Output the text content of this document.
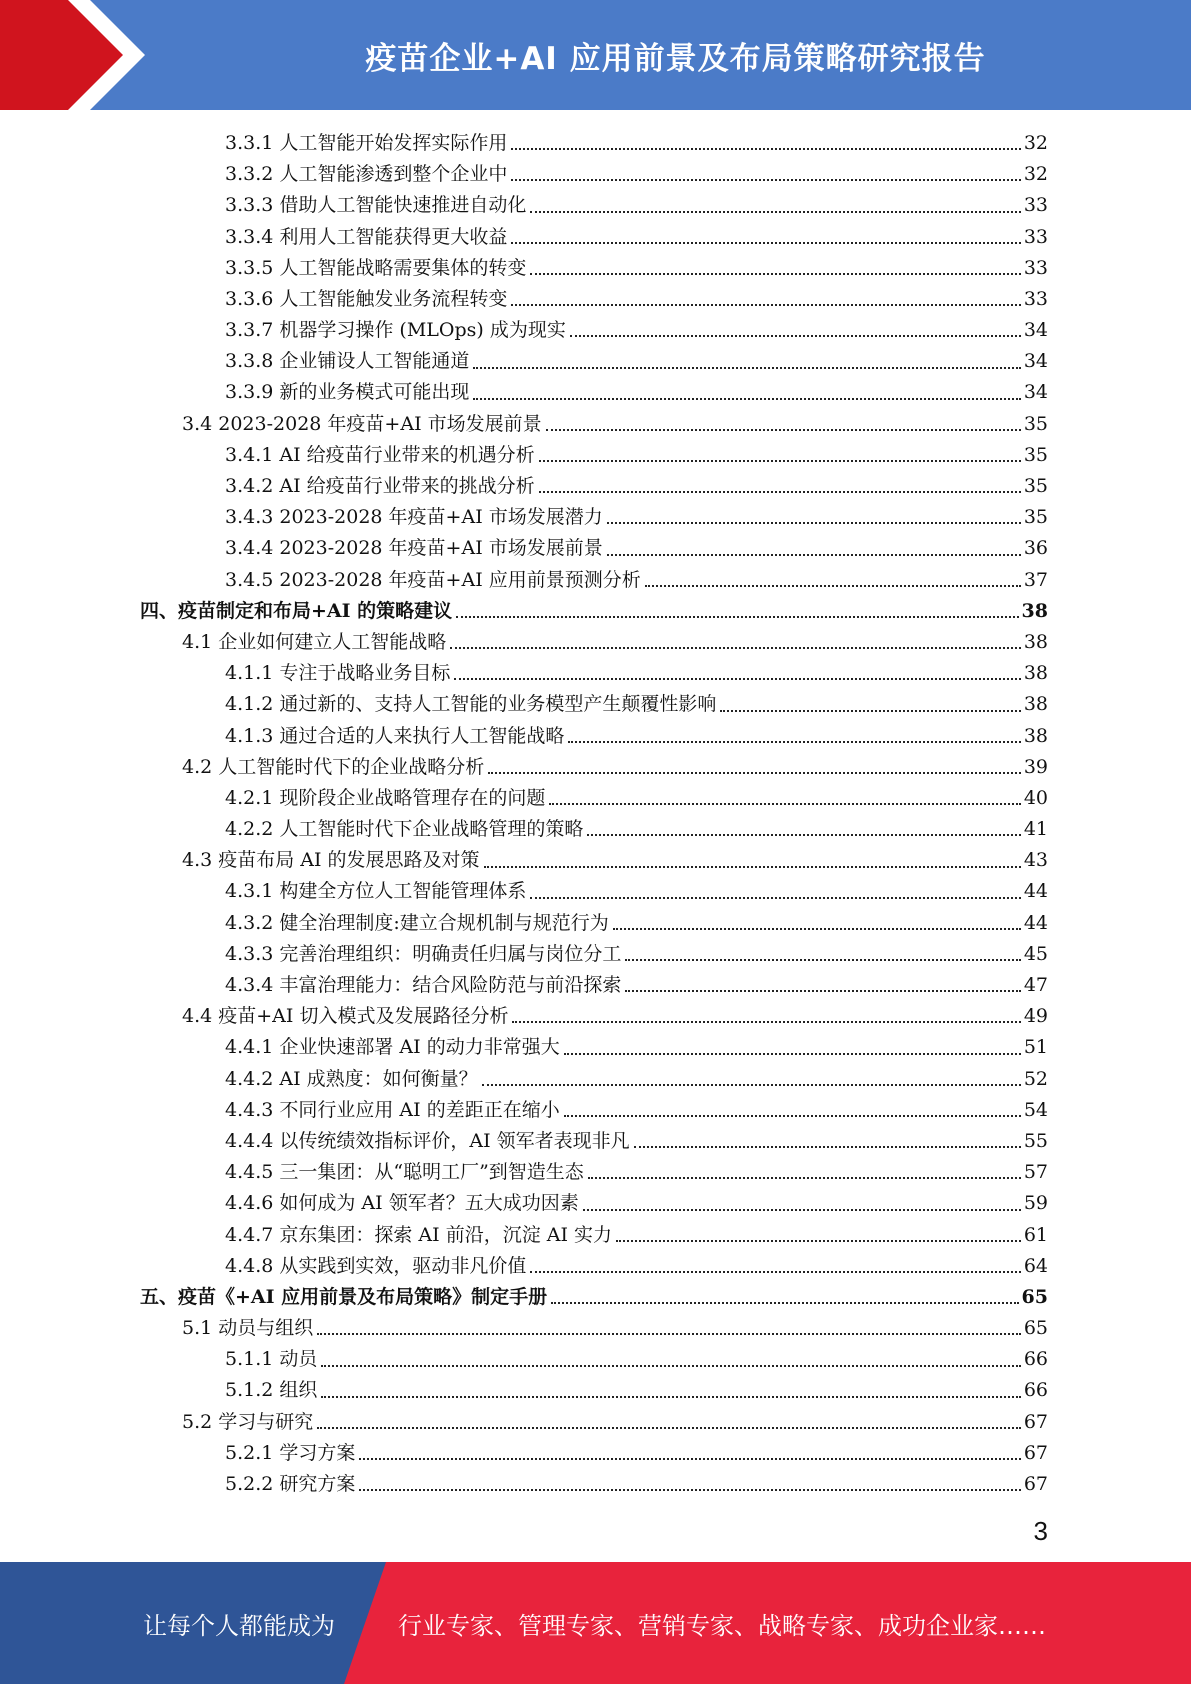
疫苗企业+AI 应用前景及布局策略研究报告
3.3.1 人工智能开始发挥实际作用	32
3.3.2 人工智能渗透到整个企业中	32
3.3.3 借助人工智能快速推进自动化	33
3.3.4 利用人工智能获得更大收益	33
3.3.5 人工智能战略需要集体的转变	33
3.3.6 人工智能触发业务流程转变	33
3.3.7 机器学习操作 (MLOps) 成为现实	34
3.3.8 企业铺设人工智能通道	34
3.3.9 新的业务模式可能出现	34
3.4 2023-2028 年疫苗+AI 市场发展前景	35
3.4.1 AI 给疫苗行业带来的机遇分析	35
3.4.2 AI 给疫苗行业带来的挑战分析	35
3.4.3 2023-2028 年疫苗+AI 市场发展潜力	35
3.4.4 2023-2028 年疫苗+AI 市场发展前景	36
3.4.5 2023-2028 年疫苗+AI 应用前景预测分析	37
四、疫苗制定和布局+AI 的策略建议	38
4.1 企业如何建立人工智能战略	38
4.1.1 专注于战略业务目标	38
4.1.2 通过新的、支持人工智能的业务模型产生颠覆性影响	38
4.1.3 通过合适的人来执行人工智能战略	38
4.2 人工智能时代下的企业战略分析	39
4.2.1 现阶段企业战略管理存在的问题	40
4.2.2 人工智能时代下企业战略管理的策略	41
4.3 疫苗布局 AI 的发展思路及对策	43
4.3.1 构建全方位人工智能管理体系	44
4.3.2 健全治理制度:建立合规机制与规范行为	44
4.3.3 完善治理组织：明确责任归属与岗位分工	45
4.3.4 丰富治理能力：结合风险防范与前沿探索	47
4.4 疫苗+AI 切入模式及发展路径分析	49
4.4.1 企业快速部署 AI 的动力非常强大	51
4.4.2 AI 成熟度：如何衡量？	52
4.4.3 不同行业应用 AI 的差距正在缩小	54
4.4.4 以传统绩效指标评价，AI 领军者表现非凡	55
4.4.5 三一集团：从“聪明工厂”到智造生态	57
4.4.6 如何成为 AI 领军者？五大成功因素	59
4.4.7 京东集团：探索 AI 前沿，沉淀 AI 实力	61
4.4.8 从实践到实效，驱动非凡价值	64
五、疫苗《+AI 应用前景及布局策略》制定手册	65
5.1 动员与组织	65
5.1.1 动员	66
5.1.2 组织	66
5.2 学习与研究	67
5.2.1 学习方案	67
5.2.2 研究方案	67
3
让每个人都能成为	行业专家、管理专家、营销专家、战略专家、成功企业家……
